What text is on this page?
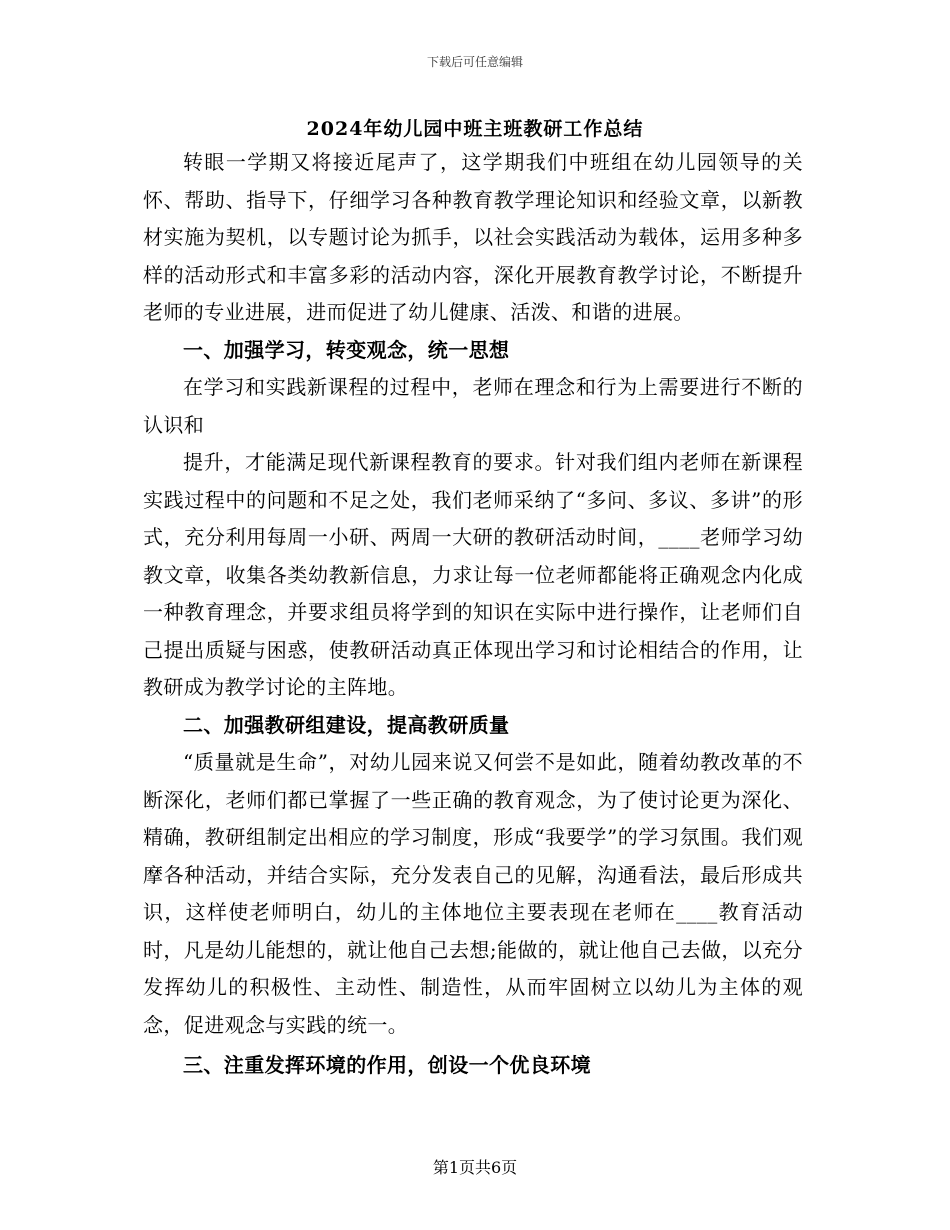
下载后可任意编辑
2024年幼儿园中班主班教研工作总结

转眼一学期又将接近尾声了，这学期我们中班组在幼儿园领导的关怀、帮助、指导下，仔细学习各种教育教学理论知识和经验文章，以新教材实施为契机，以专题讨论为抓手，以社会实践活动为载体，运用多种多样的活动形式和丰富多彩的活动内容，深化开展教育教学讨论，不断提升老师的专业进展，进而促进了幼儿健康、活泼、和谐的进展。

一、加强学习，转变观念，统一思想

在学习和实践新课程的过程中，老师在理念和行为上需要进行不断的认识和

提升，才能满足现代新课程教育的要求。针对我们组内老师在新课程实践过程中的问题和不足之处，我们老师采纳了“多问、多议、多讲”的形式，充分利用每周一小研、两周一大研的教研活动时间，____老师学习幼教文章，收集各类幼教新信息，力求让每一位老师都能将正确观念内化成一种教育理念，并要求组员将学到的知识在实际中进行操作，让老师们自己提出质疑与困惑，使教研活动真正体现出学习和讨论相结合的作用，让教研成为教学讨论的主阵地。

二、加强教研组建设，提高教研质量

“质量就是生命”，对幼儿园来说又何尝不是如此，随着幼教改革的不断深化，老师们都已掌握了一些正确的教育观念，为了使讨论更为深化、精确，教研组制定出相应的学习制度，形成“我要学”的学习氛围。我们观摩各种活动，并结合实际，充分发表自己的见解，沟通看法，最后形成共识，这样使老师明白，幼儿的主体地位主要表现在老师在____教育活动时，凡是幼儿能想的，就让他自己去想;能做的，就让他自己去做，以充分发挥幼儿的积极性、主动性、制造性，从而牢固树立以幼儿为主体的观念，促进观念与实践的统一。

三、注重发挥环境的作用，创设一个优良环境
第1页共6页
